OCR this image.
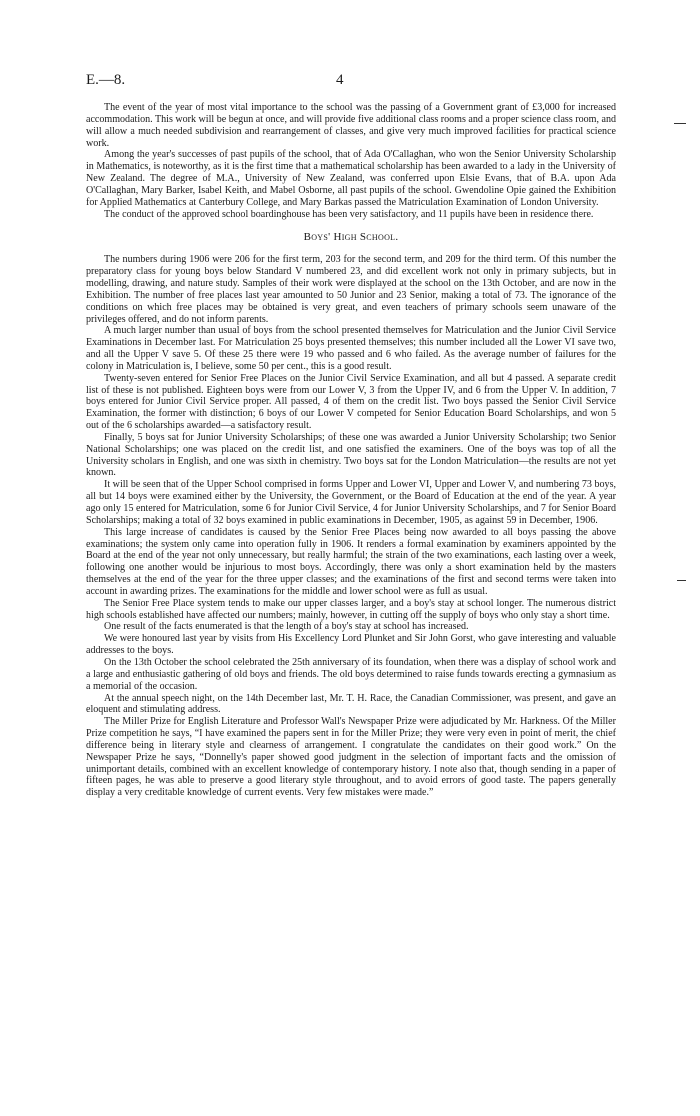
E.—8.	4

The event of the year of most vital importance to the school was the passing of a Government grant of £3,000 for increased accommodation. This work will be begun at once, and will provide five additional class rooms and a proper science class room, and will allow a much needed subdivision and rearrangement of classes, and give very much improved facilities for practical science work.

Among the year's successes of past pupils of the school, that of Ada O'Callaghan, who won the Senior University Scholarship in Mathematics, is noteworthy, as it is the first time that a mathematical scholarship has been awarded to a lady in the University of New Zealand. The degree of M.A., University of New Zealand, was conferred upon Elsie Evans, that of B.A. upon Ada O'Callaghan, Mary Barker, Isabel Keith, and Mabel Osborne, all past pupils of the school. Gwendoline Opie gained the Exhibition for Applied Mathematics at Canterbury College, and Mary Barkas passed the Matriculation Examination of London University.

The conduct of the approved school boardinghouse has been very satisfactory, and 11 pupils have been in residence there.

Boys' High School.

The numbers during 1906 were 206 for the first term, 203 for the second term, and 209 for the third term. Of this number the preparatory class for young boys below Standard V numbered 23, and did excellent work not only in primary subjects, but in modelling, drawing, and nature study. Samples of their work were displayed at the school on the 13th October, and are now in the Exhibition. The number of free places last year amounted to 50 Junior and 23 Senior, making a total of 73. The ignorance of the conditions on which free places may be obtained is very great, and even teachers of primary schools seem unaware of the privileges offered, and do not inform parents.

A much larger number than usual of boys from the school presented themselves for Matriculation and the Junior Civil Service Examinations in December last. For Matriculation 25 boys presented themselves; this number included all the Lower VI save two, and all the Upper V save 5. Of these 25 there were 19 who passed and 6 who failed. As the average number of failures for the colony in Matriculation is, I believe, some 50 per cent., this is a good result.

Twenty-seven entered for Senior Free Places on the Junior Civil Service Examination, and all but 4 passed. A separate credit list of these is not published. Eighteen boys were from our Lower V, 3 from the Upper IV, and 6 from the Upper V. In addition, 7 boys entered for Junior Civil Service proper. All passed, 4 of them on the credit list. Two boys passed the Senior Civil Service Examination, the former with distinction; 6 boys of our Lower V competed for Senior Education Board Scholarships, and won 5 out of the 6 scholarships awarded—a satisfactory result.

Finally, 5 boys sat for Junior University Scholarships; of these one was awarded a Junior University Scholarship; two Senior National Scholarships; one was placed on the credit list, and one satisfied the examiners. One of the boys was top of all the University scholars in English, and one was sixth in chemistry. Two boys sat for the London Matriculation—the results are not yet known.

It will be seen that of the Upper School comprised in forms Upper and Lower VI, Upper and Lower V, and numbering 73 boys, all but 14 boys were examined either by the University, the Government, or the Board of Education at the end of the year. A year ago only 15 entered for Matriculation, some 6 for Junior Civil Service, 4 for Junior University Scholarships, and 7 for Senior Board Scholarships; making a total of 32 boys examined in public examinations in December, 1905, as against 59 in December, 1906.

This large increase of candidates is caused by the Senior Free Places being now awarded to all boys passing the above examinations; the system only came into operation fully in 1906. It renders a formal examination by examiners appointed by the Board at the end of the year not only unnecessary, but really harmful; the strain of the two examinations, each lasting over a week, following one another would be injurious to most boys. Accordingly, there was only a short examination held by the masters themselves at the end of the year for the three upper classes; and the examinations of the first and second terms were taken into account in awarding prizes. The examinations for the middle and lower school were as full as usual.

The Senior Free Place system tends to make our upper classes larger, and a boy's stay at school longer. The numerous district high schools established have affected our numbers; mainly, however, in cutting off the supply of boys who only stay a short time.

One result of the facts enumerated is that the length of a boy's stay at school has increased.

We were honoured last year by visits from His Excellency Lord Plunket and Sir John Gorst, who gave interesting and valuable addresses to the boys.

On the 13th October the school celebrated the 25th anniversary of its foundation, when there was a display of school work and a large and enthusiastic gathering of old boys and friends. The old boys determined to raise funds towards erecting a gymnasium as a memorial of the occasion.

At the annual speech night, on the 14th December last, Mr. T. H. Race, the Canadian Commissioner, was present, and gave an eloquent and stimulating address.

The Miller Prize for English Literature and Professor Wall's Newspaper Prize were adjudicated by Mr. Harkness. Of the Miller Prize competition he says, “I have examined the papers sent in for the Miller Prize; they were very even in point of merit, the chief difference being in literary style and clearness of arrangement. I congratulate the candidates on their good work.” On the Newspaper Prize he says, “Donnelly's paper showed good judgment in the selection of important facts and the omission of unimportant details, combined with an excellent knowledge of contemporary history. I note also that, though sending in a paper of fifteen pages, he was able to preserve a good literary style throughout, and to avoid errors of good taste. The papers generally display a very creditable knowledge of current events. Very few mistakes were made.”
